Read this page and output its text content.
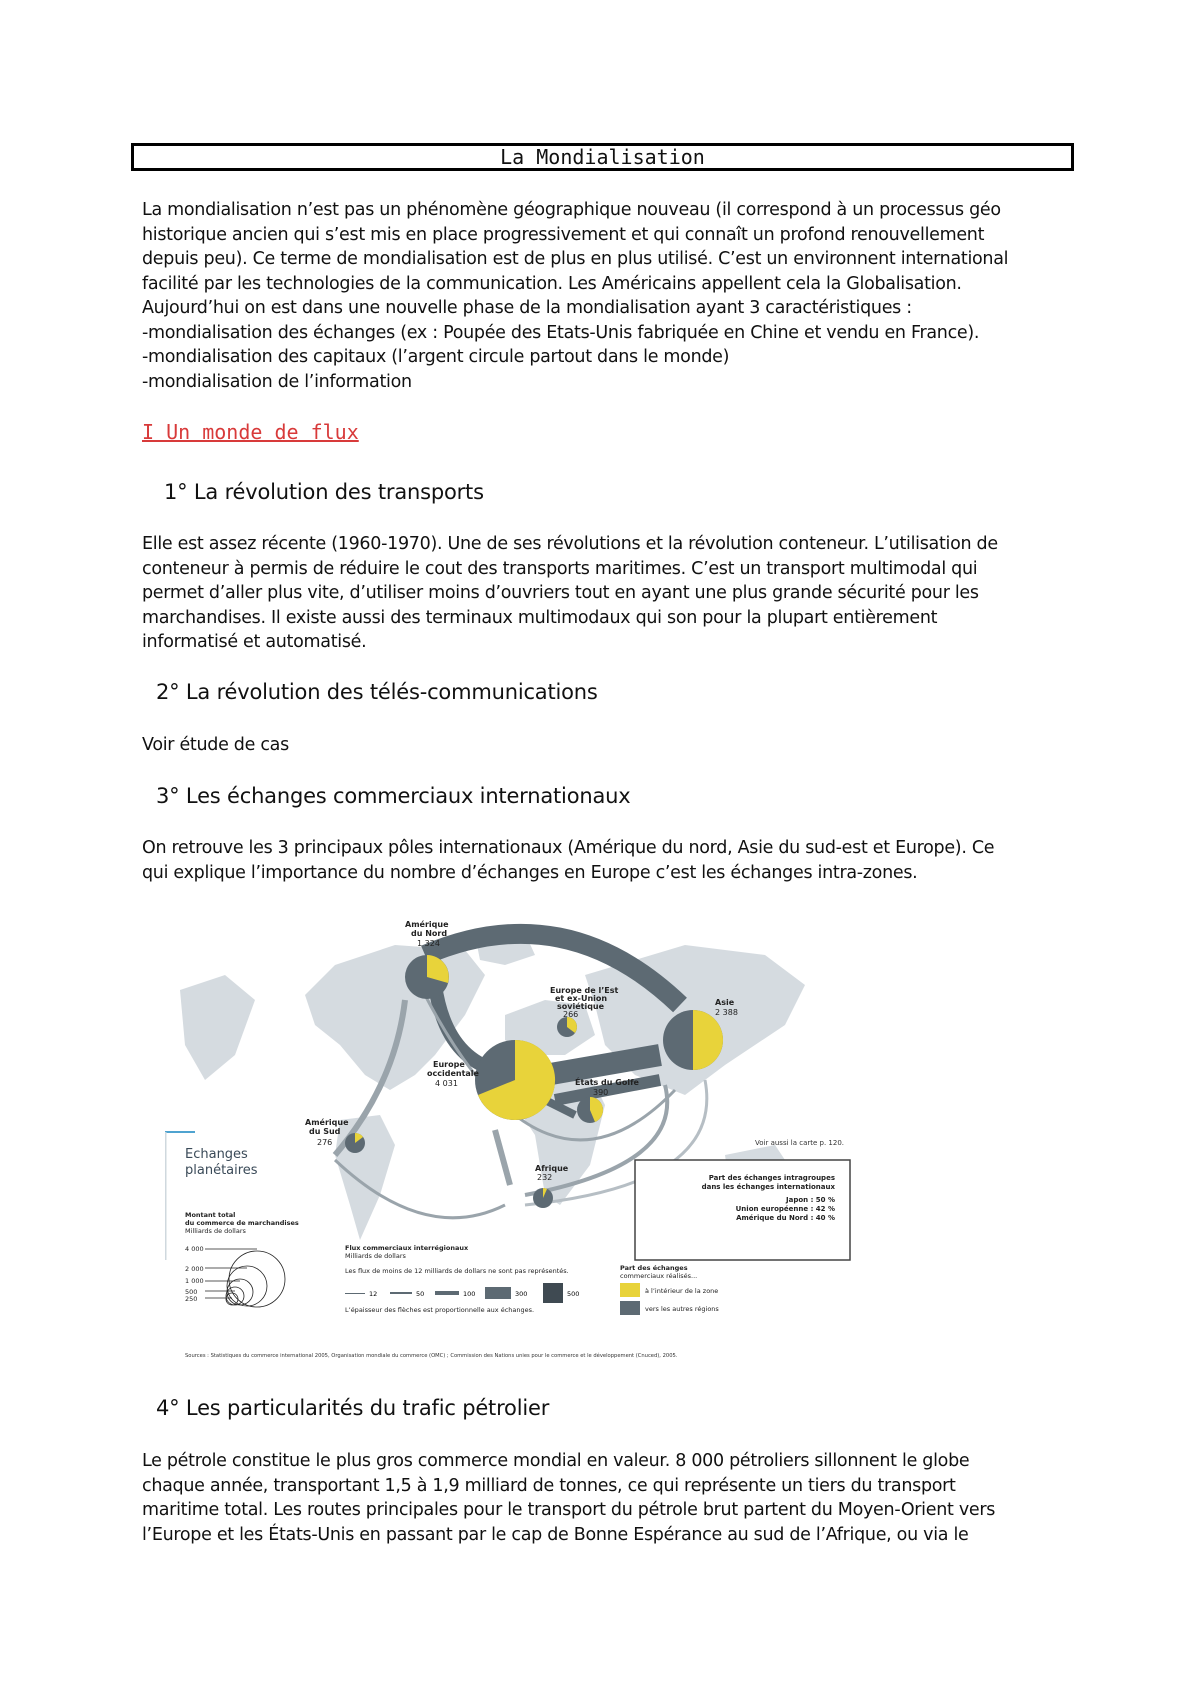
La Mondialisation
La mondialisation n’est pas un phénomène géographique nouveau (il correspond à un processus géo
historique ancien qui s’est mis en place progressivement et qui connaît un profond renouvellement
depuis peu). Ce terme de mondialisation est de plus en plus utilisé. C’est un environnent international
facilité par les technologies de la communication. Les Américains appellent cela la Globalisation.
Aujourd’hui on est dans une nouvelle phase de la mondialisation ayant 3 caractéristiques :
-mondialisation des échanges (ex : Poupée des Etats-Unis fabriquée en Chine et vendu en France).
-mondialisation des capitaux (l’argent circule partout dans le monde)
-mondialisation de l’information
I Un monde de flux
1° La révolution des transports
Elle est assez récente (1960-1970). Une de ses révolutions et la révolution conteneur. L’utilisation de
conteneur à permis de réduire le cout des transports maritimes. C’est un transport multimodal qui
permet d’aller plus vite, d’utiliser moins d’ouvriers tout en ayant une plus grande sécurité pour les
marchandises. Il existe aussi des terminaux multimodaux qui son pour la plupart entièrement
informatisé et automatisé.
2° La révolution des télés-communications
Voir étude de cas
3° Les échanges commerciaux internationaux
On retrouve les 3 principaux pôles internationaux (Amérique du nord, Asie du sud-est et Europe). Ce
qui explique l’importance du nombre d’échanges en Europe c’est les échanges intra-zones.
Amérique
du Nord
1 324
Europe de l’Est
et ex-Union
soviétique
266
Asie
2 388
Europe
occidentale
4 031	États du Golfe
390
Amérique
du Sud
276
Afrique
232
Echanges
planétaires
Voir aussi la carte p. 120.
Part des échanges intragroupes
dans les échanges internationaux
Japon : 50 %
Union européenne : 42 %
Amérique du Nord : 40 %
Montant total
du commerce de marchandises
Milliards de dollars
4 000
2 000
1 000
500
250
Flux commerciaux interrégionaux
Milliards de dollars
Les flux de moins de 12 milliards de dollars ne sont pas représentés.
L’épaisseur des flèches est proportionnelle aux échanges.
12	50	100	300	500
Part des échanges
commerciaux réalisés...
à l’intérieur de la zone
vers les autres régions
Sources : Statistiques du commerce international 2005, Organisation mondiale du commerce (OMC) ; Commission des Nations unies pour le commerce et le développement (Cnuced), 2005.
4° Les particularités du trafic pétrolier
Le pétrole constitue le plus gros commerce mondial en valeur. 8 000 pétroliers sillonnent le globe
chaque année, transportant 1,5 à 1,9 milliard de tonnes, ce qui représente un tiers du transport
maritime total. Les routes principales pour le transport du pétrole brut partent du Moyen-Orient vers
l’Europe et les États-Unis en passant par le cap de Bonne Espérance au sud de l’Afrique, ou via le
